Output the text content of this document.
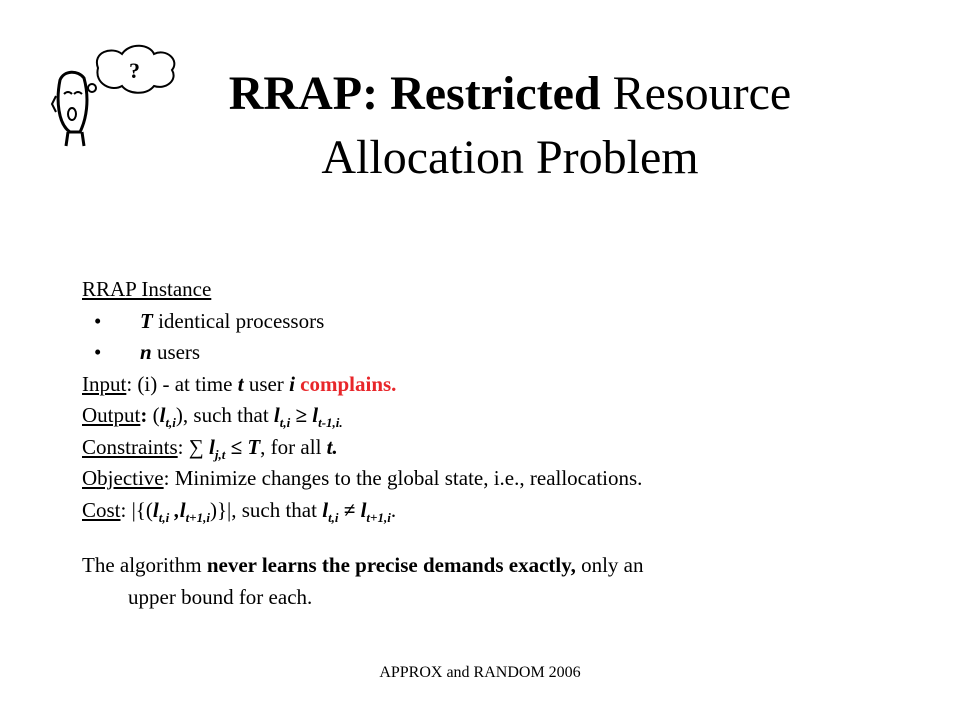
?	RRAP: Restricted Resource
Allocation Problem
RRAP Instance
• T identical processors
• n users
Input: (i) - at time t user i complains.
Output: $(l_{t,i})$, such that $l_{t,i} \ge l_{t-1,i.}$
Constraints: ∑ $l_{j,t} \le T$, for all t.
Objective: Minimize changes to the global state, i.e., reallocations.
Cost: $|\{(l_{t,i}$ $,l_{t+1,i})\}|$, such that $l_{t,i} \ne l_{t+1,i}$.
The algorithm never learns the precise demands exactly, only an
upper bound for each.
APPROX and RANDOM 2006
